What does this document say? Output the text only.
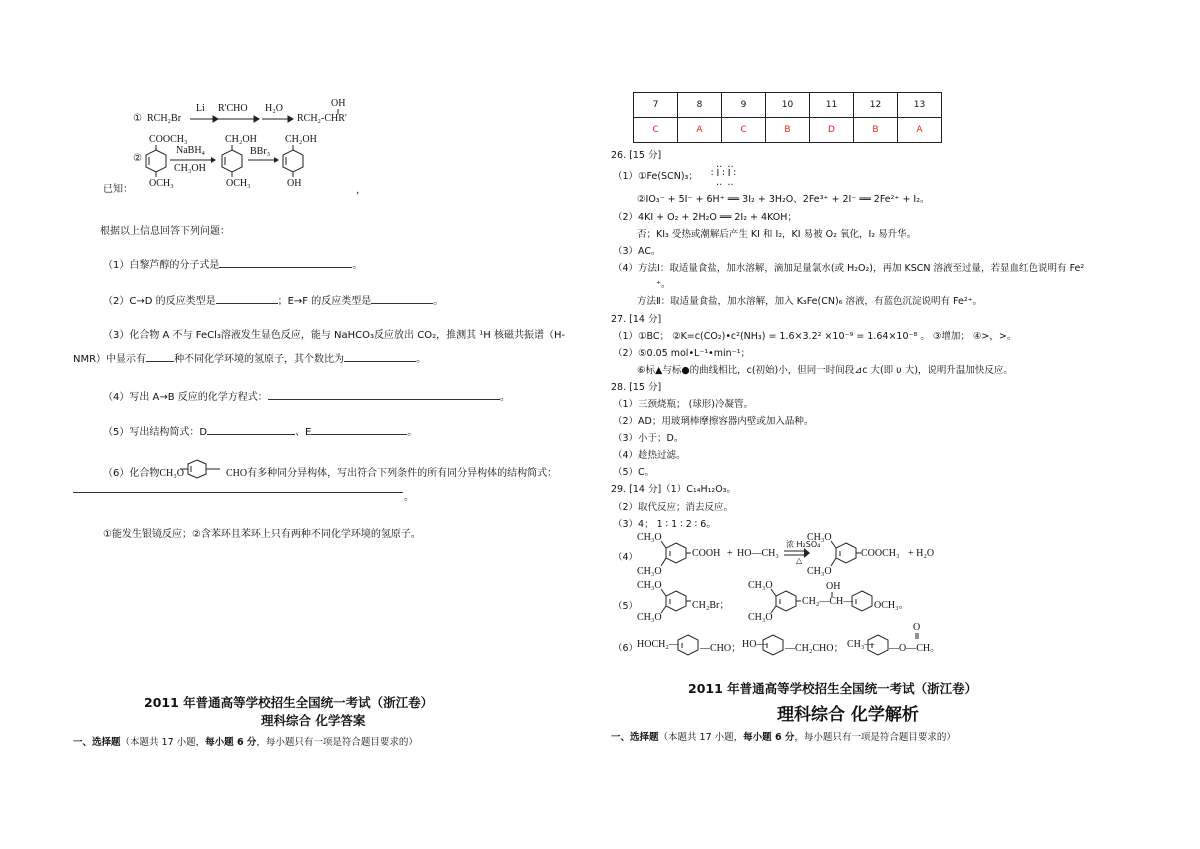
① RCH₂Br
Li R'CHO H₂O
RCH₂-CHR'
OH
已知：
②
COOCH₃
OCH₃
NaBH₄
CH₃OH
CH₂OH
OCH₃
BBr₃
CH₂OH
OH
，
根据以上信息回答下列问题：
（1）白黎芦醇的分子式是	。
（2）C→D 的反应类型是	；E→F 的反应类型是	。
（3）化合物 A 不与 FeCl₃溶液发生显色反应，能与 NaHCO₃反应放出 CO₂，推测其 ¹H 核磁共振谱（H-
NMR）中显示有	种不同化学环境的氢原子，其个数比为	。
（4）写出 A→B 反应的化学方程式：	。
（5）写出结构简式：D	、E	。
（6）化合物CH₃O	CHO有多种同分异构体，写出符合下列条件的所有同分异构体的结构简式：
。
①能发生银镜反应；②含苯环且苯环上只有两种不同化学环境的氢原子。
2011 年普通高等学校招生全国统一考试（浙江卷）
理科综合 化学答案
一、选择题（本题共 17 小题，每小题 6 分，每小题只有一项是符合题目要求的）
7	8	9	10	11	12	13
C	A	C	B	D	B	A
26. [15 分]
（1）①Fe(SCN)₃；
‥ ‥
∶ I ∶ I ∶
‥ ‥
②IO₃⁻ + 5I⁻ + 6H⁺ ══ 3I₂ + 3H₂O、2Fe³⁺ + 2I⁻ ══ 2Fe²⁺ + I₂。
（2）4KI + O₂ + 2H₂O ══ 2I₂ + 4KOH；
否；KI₃ 受热或潮解后产生 KI 和 I₂，KI 易被 O₂ 氧化，I₂ 易升华。
（3）AC。
（4）方法Ⅰ：取适量食盐，加水溶解，滴加足量氯水(或 H₂O₂)，再加 KSCN 溶液至过量，若显血红色说明有 Fe²
⁺。
方法Ⅱ：取适量食盐，加水溶解，加入 K₃Fe(CN)₆ 溶液，有蓝色沉淀说明有 Fe²⁺。
27. [14 分]
（1）①BC； ②K=c(CO₂)•c²(NH₃) = 1.6×3.2² ×10⁻⁹ = 1.64×10⁻⁸ 。 ③增加； ④>，>。
（2）⑤0.05 mol•L⁻¹•min⁻¹；
⑥标▲与标●的曲线相比，c(初始)小，但同一时间段⊿c 大(即 υ 大)，说明升温加快反应。
28. [15 分]
（1）三颈烧瓶； (球形)冷凝管。
（2）AD；用玻璃棒摩擦容器内壁或加入晶种。
（3）小于；D。
（4）趁热过滤。
（5）C。
29. [14 分]（1）C₁₄H₁₂O₃。
（2）取代反应；消去反应。
（3）4； 1 ∶ 1 ∶ 2 ∶ 6。
（4）
CH₃O
CH₃O
COOH + HO—CH₃
浓 H₂SO₄
△
CH₃O
CH₃O
COOCH₃ + H₂O
（5）
CH₃O
CH₃O
CH₂Br；
CH₃O
CH₃O
CH₂—CH—
OH
OCH₃。
（6）
HOCH₂— —CHO； HO— —CH₂CHO； CH₃— —O—CH。
O
2011 年普通高等学校招生全国统一考试（浙江卷）
理科综合 化学解析
一、选择题（本题共 17 小题，每小题 6 分，每小题只有一项是符合题目要求的）
